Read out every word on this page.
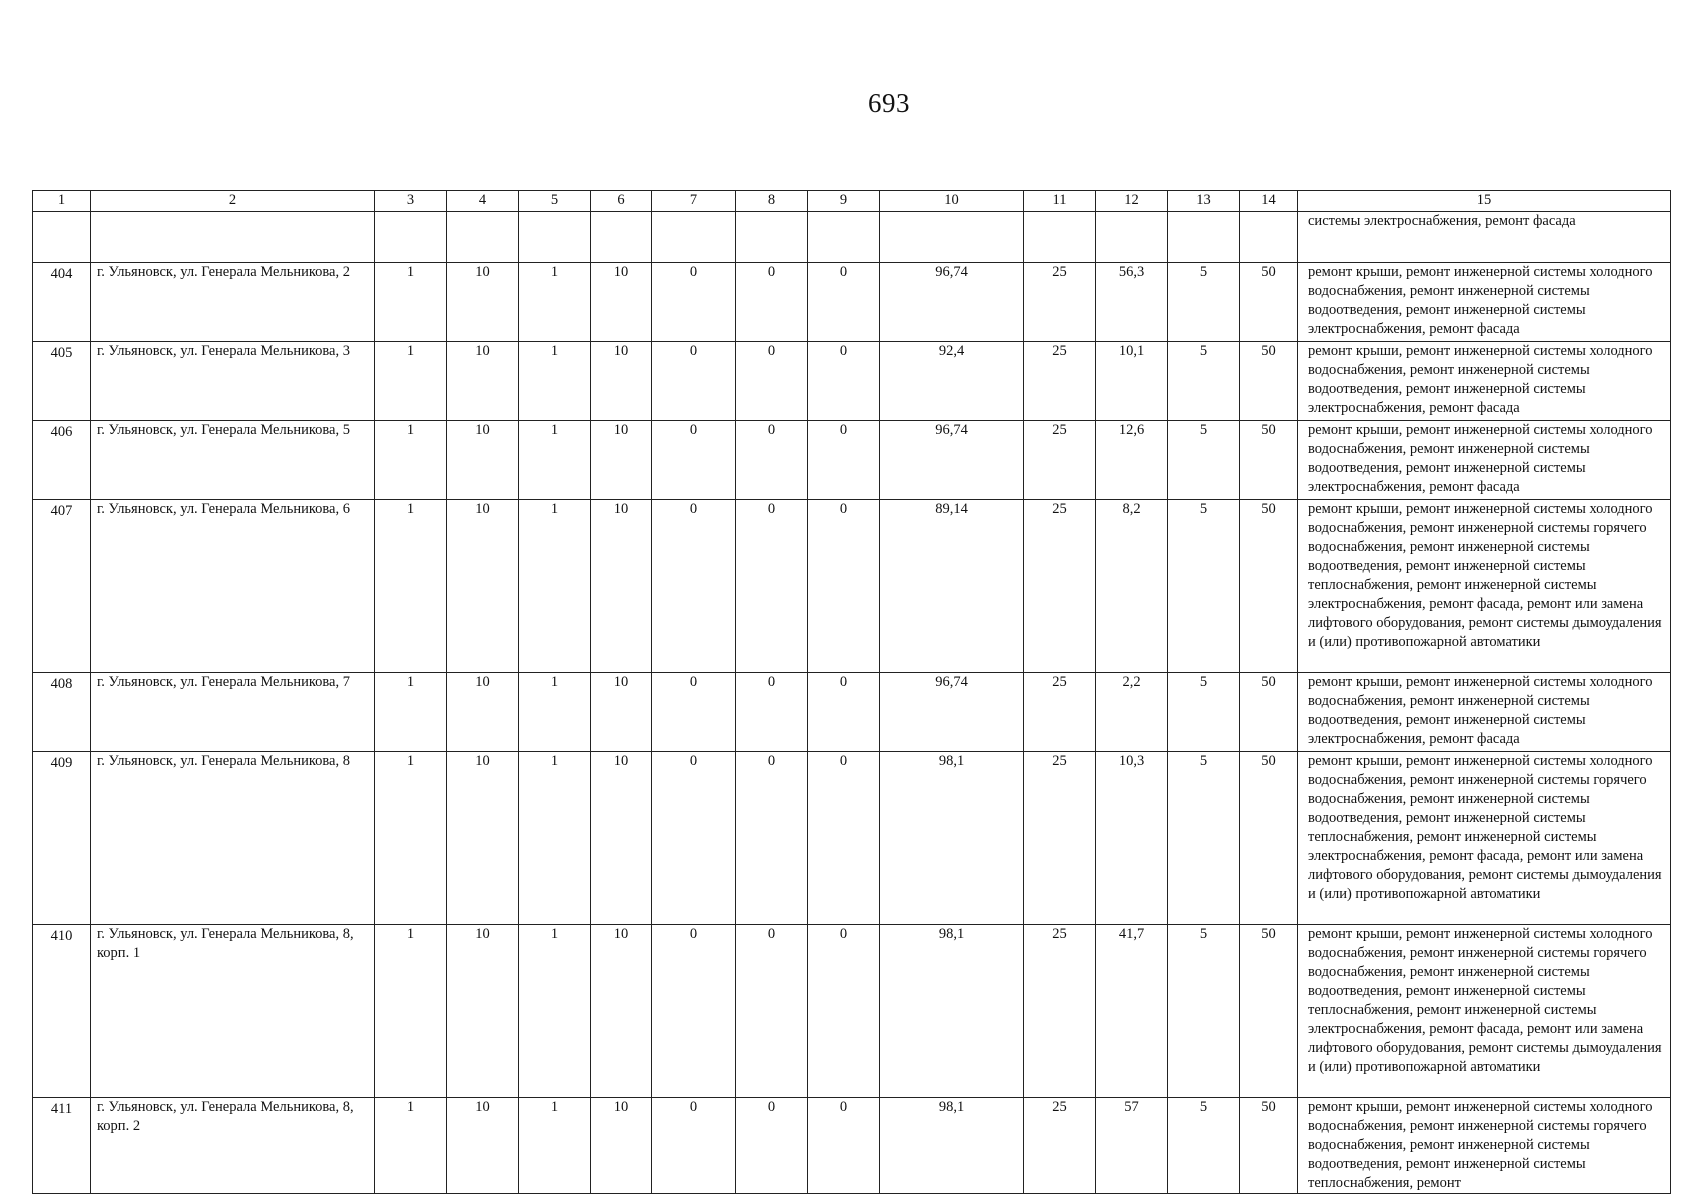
693
1	2	3	4	5	6	7	8	9	10	11	12	13	14	15
														системы электроснабжения, ремонт фасада
404	г. Ульяновск, ул. Генерала Мельникова, 2	1	10	1	10	0	0	0	96,74	25	56,3	5	50	ремонт крыши, ремонт инженерной системы холодного водоснабжения, ремонт инженерной системы водоотведения, ремонт инженерной системы электроснабжения, ремонт фасада
405	г. Ульяновск, ул. Генерала Мельникова, 3	1	10	1	10	0	0	0	92,4	25	10,1	5	50	ремонт крыши, ремонт инженерной системы холодного водоснабжения, ремонт инженерной системы водоотведения, ремонт инженерной системы электроснабжения, ремонт фасада
406	г. Ульяновск, ул. Генерала Мельникова, 5	1	10	1	10	0	0	0	96,74	25	12,6	5	50	ремонт крыши, ремонт инженерной системы холодного водоснабжения, ремонт инженерной системы водоотведения, ремонт инженерной системы электроснабжения, ремонт фасада
407	г. Ульяновск, ул. Генерала Мельникова, 6	1	10	1	10	0	0	0	89,14	25	8,2	5	50	ремонт крыши, ремонт инженерной системы холодного водоснабжения, ремонт инженерной системы горячего водоснабжения, ремонт инженерной системы водоотведения, ремонт инженерной системы теплоснабжения, ремонт инженерной системы электроснабжения, ремонт фасада, ремонт или замена лифтового оборудования, ремонт системы дымоудаления и (или) противопожарной автоматики
408	г. Ульяновск, ул. Генерала Мельникова, 7	1	10	1	10	0	0	0	96,74	25	2,2	5	50	ремонт крыши, ремонт инженерной системы холодного водоснабжения, ремонт инженерной системы водоотведения, ремонт инженерной системы электроснабжения, ремонт фасада
409	г. Ульяновск, ул. Генерала Мельникова, 8	1	10	1	10	0	0	0	98,1	25	10,3	5	50	ремонт крыши, ремонт инженерной системы холодного водоснабжения, ремонт инженерной системы горячего водоснабжения, ремонт инженерной системы водоотведения, ремонт инженерной системы теплоснабжения, ремонт инженерной системы электроснабжения, ремонт фасада, ремонт или замена лифтового оборудования, ремонт системы дымоудаления и (или) противопожарной автоматики
410	г. Ульяновск, ул. Генерала Мельникова, 8, корп. 1	1	10	1	10	0	0	0	98,1	25	41,7	5	50	ремонт крыши, ремонт инженерной системы холодного водоснабжения, ремонт инженерной системы горячего водоснабжения, ремонт инженерной системы водоотведения, ремонт инженерной системы теплоснабжения, ремонт инженерной системы электроснабжения, ремонт фасада, ремонт или замена лифтового оборудования, ремонт системы дымоудаления и (или) противопожарной автоматики
411	г. Ульяновск, ул. Генерала Мельникова, 8, корп. 2	1	10	1	10	0	0	0	98,1	25	57	5	50	ремонт крыши, ремонт инженерной системы холодного водоснабжения, ремонт инженерной системы горячего водоснабжения, ремонт инженерной системы водоотведения, ремонт инженерной системы теплоснабжения, ремонт
